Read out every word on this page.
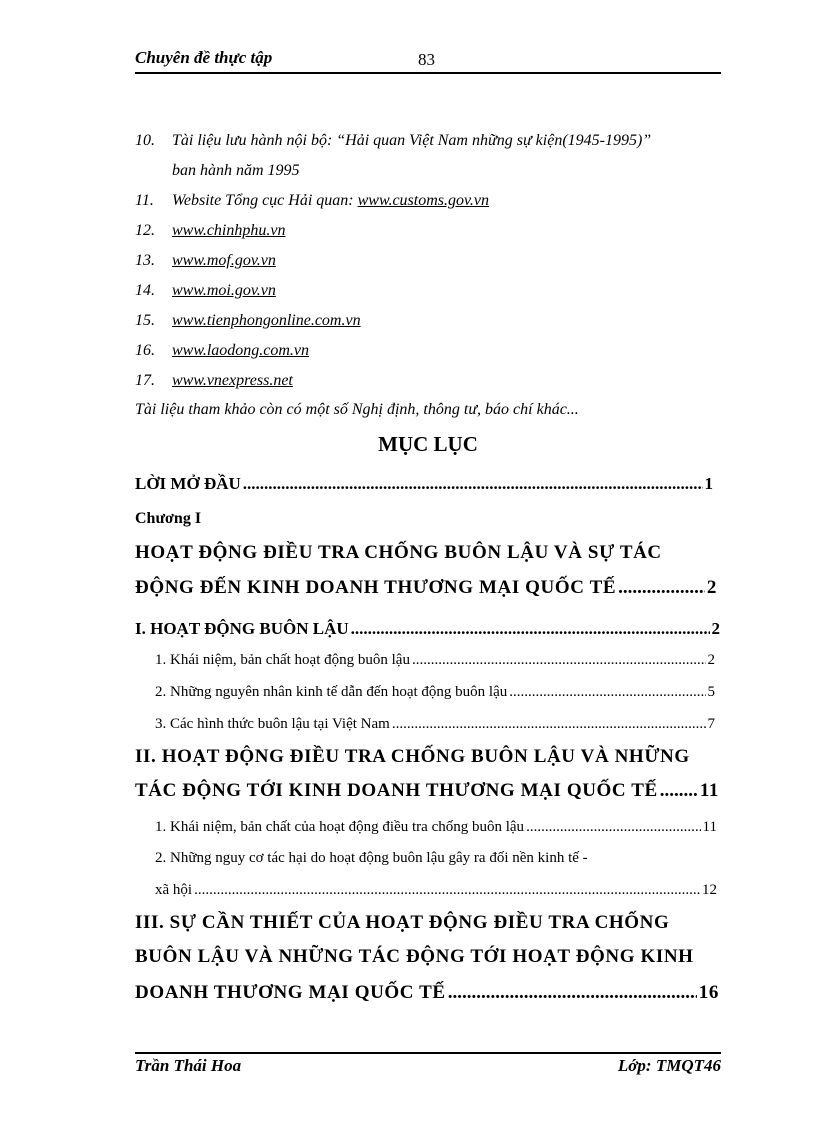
Chuyên đề thực tập	83
10. Tài liệu lưu hành nội bộ: “Hải quan Việt Nam những sự kiện(1945-1995)”
ban hành năm 1995
11. Website Tổng cục Hải quan: www.customs.gov.vn
12. www.chinhphu.vn
13. www.mof.gov.vn
14. www.moi.gov.vn
15. www.tienphongonline.com.vn
16. www.laodong.com.vn
17. www.vnexpress.net
Tài liệu tham khảo còn có một số Nghị định, thông tư, báo chí khác...
MỤC LỤC
LỜI MỞ ĐẦU .....	1
Chương I
HOẠT ĐỘNG ĐIỀU TRA CHỐNG BUÔN LẬU VÀ SỰ TÁC
ĐỘNG ĐẾN KINH DOANH THƯƠNG MẠI QUỐC TẾ .....	2
I. HOẠT ĐỘNG BUÔN LẬU .....	2
1. Khái niệm, bản chất hoạt động buôn lậu .....	2
2. Những nguyên nhân kinh tế dẫn đến hoạt động buôn lậu .....	5
3. Các hình thức buôn lậu tại Việt Nam .....	7
II. HOẠT ĐỘNG ĐIỀU TRA CHỐNG BUÔN LẬU VÀ NHỮNG
TÁC ĐỘNG TỚI KINH DOANH THƯƠNG MẠI QUỐC TẾ ..... 11
1. Khái niệm, bản chất của hoạt động điều tra chống buôn lậu .....	11
2. Những nguy cơ tác hại do hoạt động buôn lậu gây ra đối nền kinh tế -
xã hội .....	12
III. SỰ CẦN THIẾT CỦA HOẠT ĐỘNG ĐIỀU TRA CHỐNG
BUÔN LẬU VÀ NHỮNG TÁC ĐỘNG TỚI HOẠT ĐỘNG KINH
DOANH THƯƠNG MẠI QUỐC TẾ .....	16
Trần Thái Hoa	Lớp: TMQT46
